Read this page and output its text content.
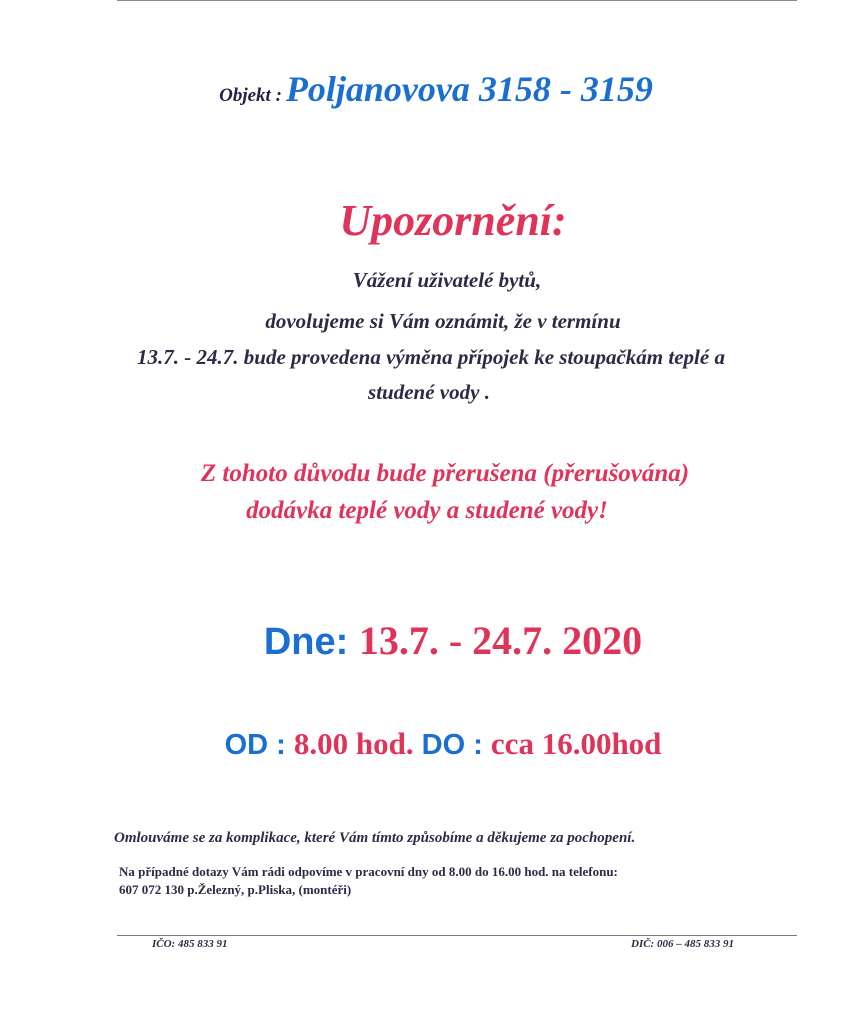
Objekt : Poljanovova 3158 - 3159
Upozornění:
Vážení uživatelé bytů,
dovolujeme si Vám oznámit, že v termínu
13.7. - 24.7. bude provedena výměna přípojek ke stoupačkám teplé a
studené vody .
Z tohoto důvodu bude přerušena (přerušována)
dodávka teplé vody a studené vody!
Dne: 13.7. - 24.7. 2020
OD : 8.00 hod. DO : cca 16.00hod
Omlouváme se za komplikace, které Vám tímto způsobíme a děkujeme za pochopení.
Na případné dotazy Vám rádi odpovíme v pracovní dny od 8.00 do 16.00 hod. na telefonu:
607 072 130 p.Železný, p.Pliska, (montéři)
IČO: 485 833 91	DIČ: 006 – 485 833 91
